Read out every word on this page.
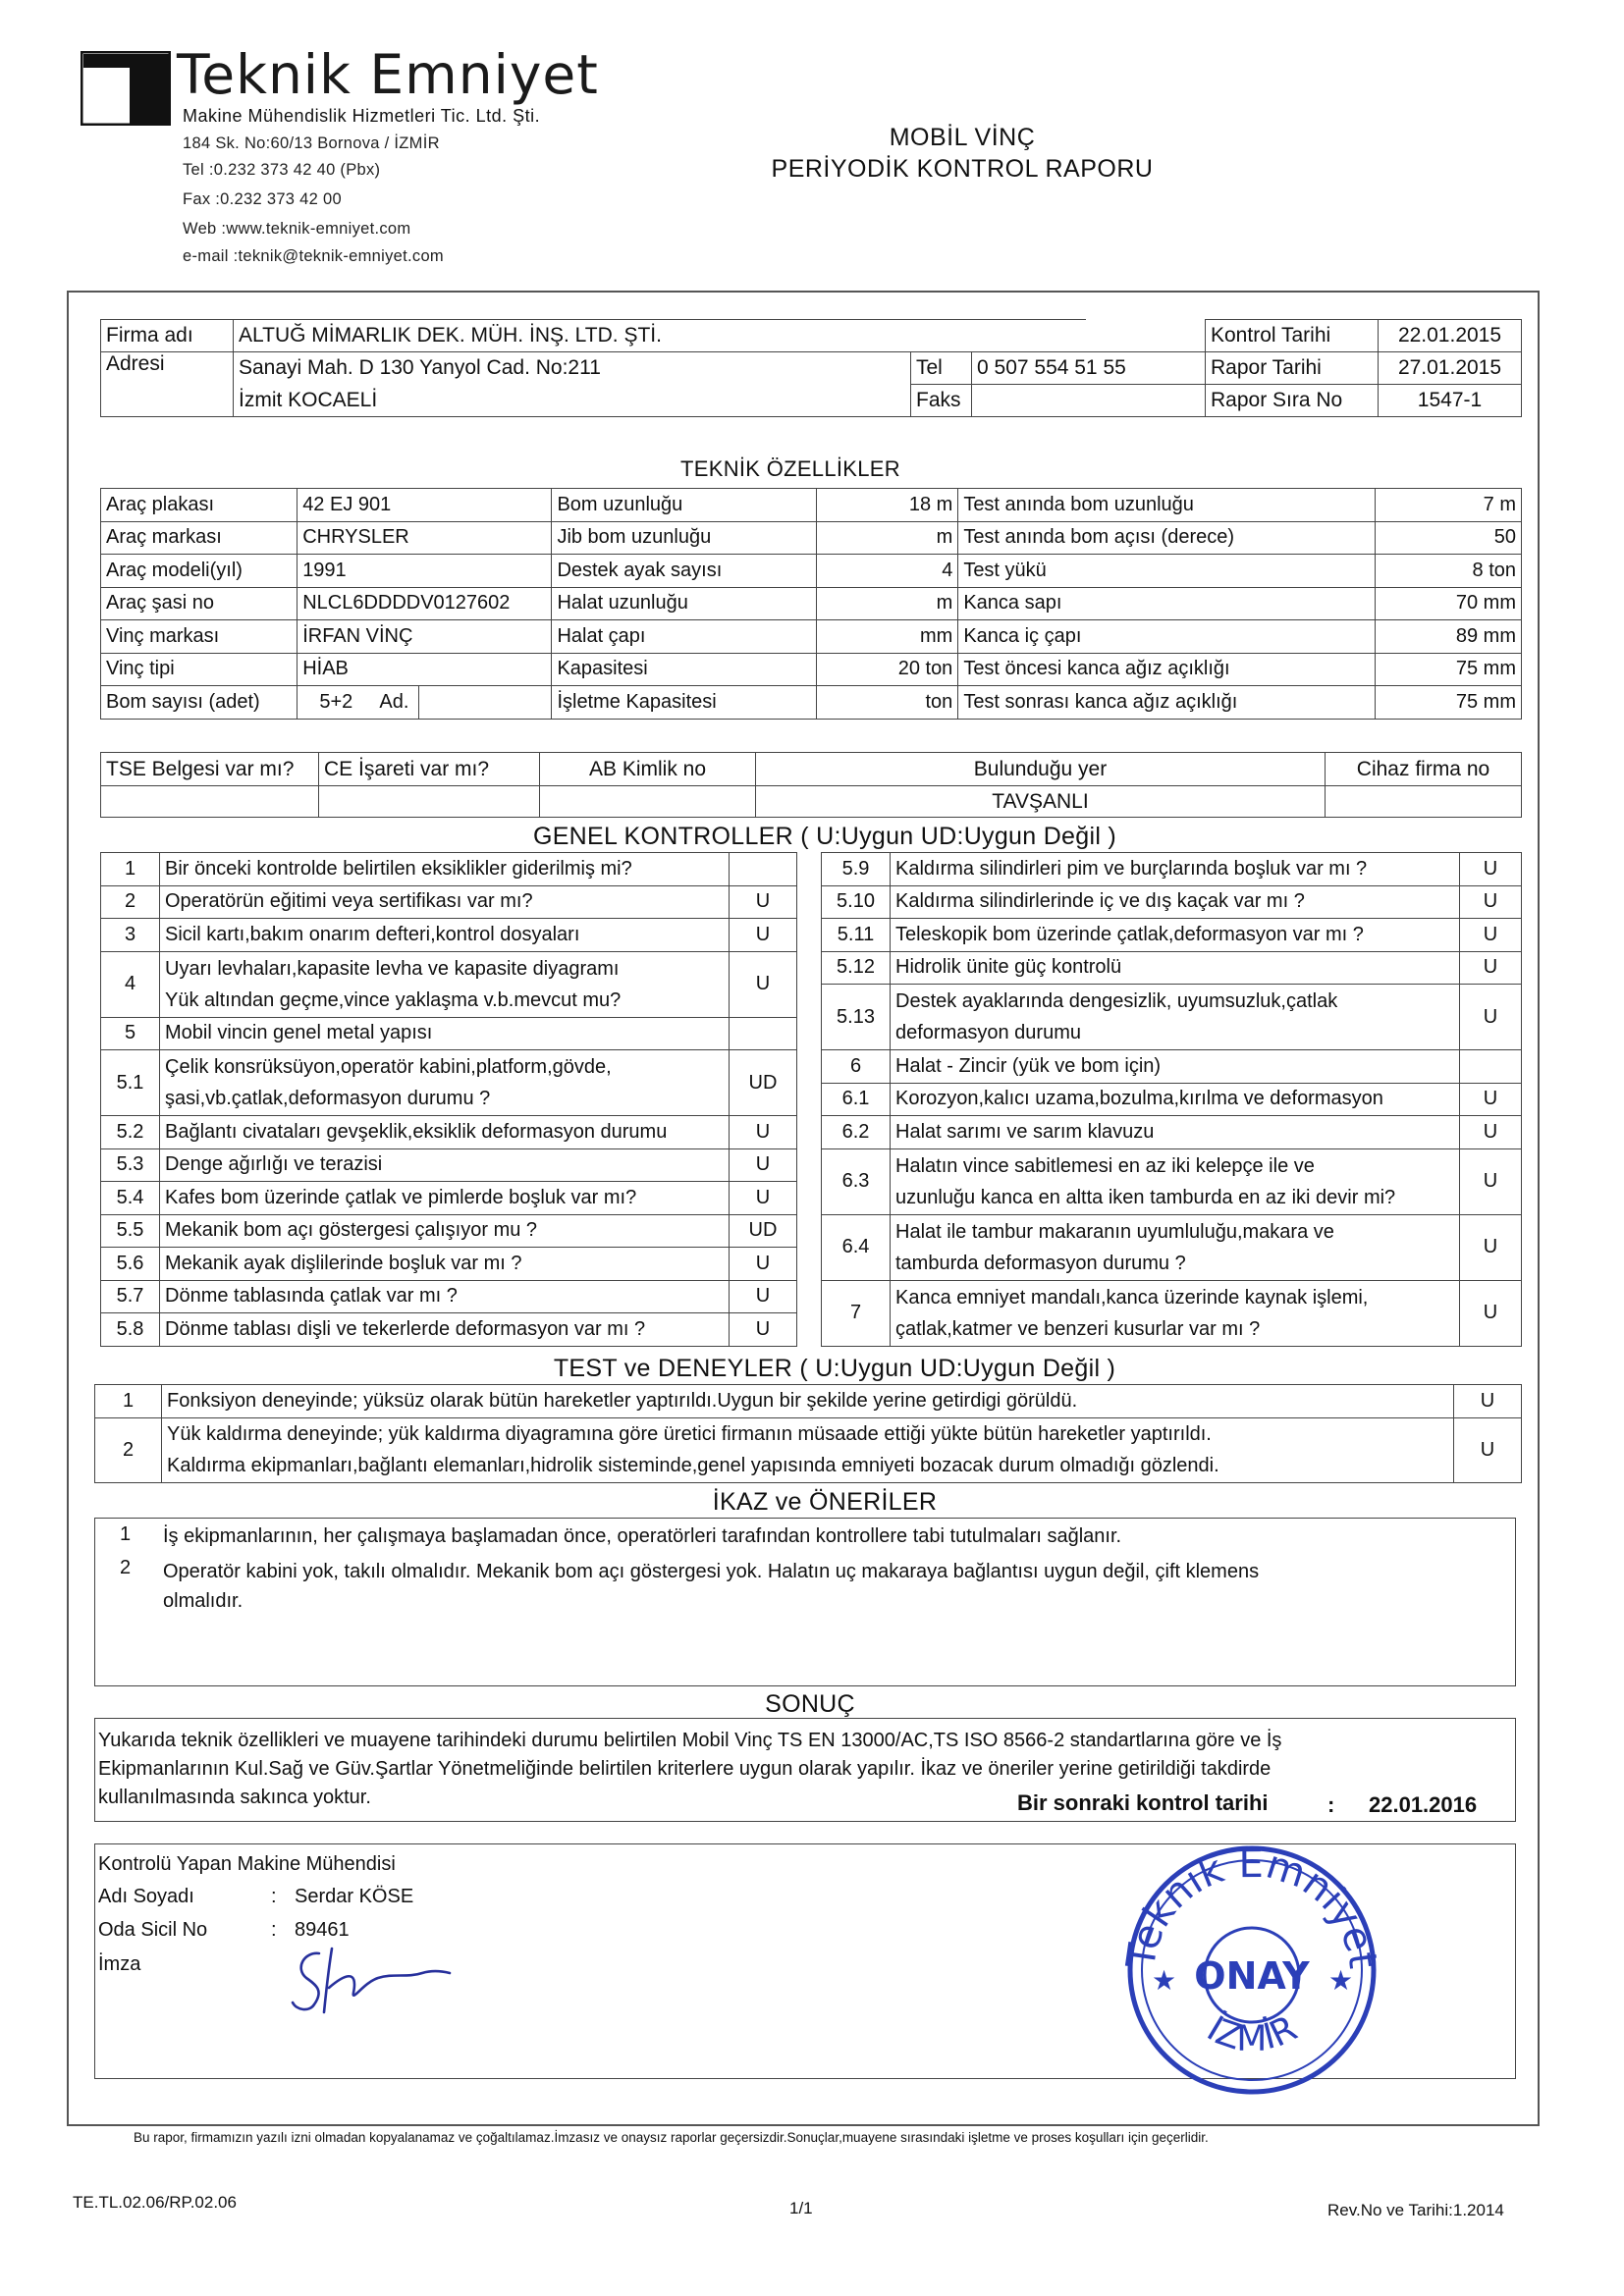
Teknik Emniyet
Makine Mühendislik Hizmetleri Tic. Ltd. Şti.
184 Sk. No:60/13 Bornova / İZMİR
Tel :0.232 373 42 40 (Pbx)
Fax :0.232 373 42 00
Web :www.teknik-emniyet.com
e-mail :teknik@teknik-emniyet.com
MOBİL VİNÇ
PERİYODİK KONTROL RAPORU
Firma adı	ALTUĞ MİMARLIK DEK. MÜH. İNŞ. LTD. ŞTİ.				Kontrol Tarihi	22.01.2015
Adresi	Sanayi Mah. D 130 Yanyol Cad. No:211	Tel	0 507 554 51 55		Rapor Tarihi	27.01.2015
	İzmit KOCAELİ	Faks			Rapor Sıra No	1547-1
TEKNİK ÖZELLİKLER
Araç plakası	42 EJ 901			Bom uzunluğu	18 m	Test anında bom uzunluğu	7 m
Araç markası	CHRYSLER			Jib bom uzunluğu	m	Test anında bom açısı (derece)	50
Araç modeli(yıl)	1991			Destek ayak sayısı	4	Test yükü	8 ton
Araç şasi no	NLCL6DDDDV0127602			Halat uzunluğu	m	Kanca sapı	70 mm
Vinç markası	İRFAN VİNÇ			Halat çapı	mm	Kanca iç çapı	89 mm
Vinç tipi	HİAB			Kapasitesi	20 ton	Test öncesi kanca ağız açıklığı	75 mm
Bom sayısı (adet)	5+2	Ad.		İşletme Kapasitesi	ton	Test sonrası kanca ağız açıklığı	75 mm
TSE Belgesi var mı?	CE İşareti var mı?	AB Kimlik no	Bulunduğu yer	Cihaz firma no
			TAVŞANLI	
GENEL KONTROLLER ( U:Uygun UD:Uygun Değil )
1	Bir önceki kontrolde belirtilen eksiklikler giderilmiş mi?	

2	Operatörün eğitimi veya sertifikası var mı?	U
3	Sicil kartı,bakım onarım defteri,kontrol dosyaları	U
4	Uyarı levhaları,kapasite levha ve kapasite diyagramı
Yük altından geçme,vince yaklaşma v.b.mevcut mu?	U
5	Mobil vincin genel metal yapısı	

5.1	Çelik konsrüksüyon,operatör kabini,platform,gövde,
şasi,vb.çatlak,deformasyon durumu ?	UD
5.2	Bağlantı civataları gevşeklik,eksiklik deformasyon durumu	U
5.3	Denge ağırlığı ve terazisi	U
5.4	Kafes bom üzerinde çatlak ve pimlerde boşluk var mı?	U
5.5	Mekanik bom açı göstergesi çalışıyor mu ?	UD
5.6	Mekanik ayak dişlilerinde boşluk var mı ?	U
5.7	Dönme tablasında çatlak var mı ?	U
5.8	Dönme tablası dişli ve tekerlerde deformasyon var mı ?	U
5.9	Kaldırma silindirleri pim ve burçlarında boşluk var mı ?	U
5.10	Kaldırma silindirlerinde iç ve dış kaçak var mı ?	U
5.11	Teleskopik bom üzerinde çatlak,deformasyon var mı ?	U
5.12	Hidrolik ünite güç kontrolü	U
5.13	Destek ayaklarında dengesizlik, uyumsuzluk,çatlak
deformasyon durumu	U
6	Halat - Zincir (yük ve bom için)	

6.1	Korozyon,kalıcı uzama,bozulma,kırılma ve deformasyon	U
6.2	Halat sarımı ve sarım klavuzu	U
6.3	Halatın vince sabitlemesi en az iki kelepçe ile ve
uzunluğu kanca en altta iken tamburda en az iki devir mi?	U
6.4	Halat ile tambur makaranın uyumluluğu,makara ve
tamburda deformasyon durumu ?	U
7	Kanca emniyet mandalı,kanca üzerinde kaynak işlemi,
çatlak,katmer ve benzeri kusurlar var mı ?	U
TEST ve DENEYLER ( U:Uygun UD:Uygun Değil )
1	Fonksiyon deneyinde; yüksüz olarak bütün hareketler yaptırıldı.Uygun bir şekilde yerine getirdigi görüldü.	U
2	Yük kaldırma deneyinde; yük kaldırma diyagramına göre üretici firmanın müsaade ettiği yükte bütün hareketler yaptırıldı.
Kaldırma ekipmanları,bağlantı elemanları,hidrolik sisteminde,genel yapısında emniyeti bozacak durum olmadığı gözlendi.	U
İKAZ ve ÖNERİLER
1 İş ekipmanlarının, her çalışmaya başlamadan önce, operatörleri tarafından kontrollere tabi tutulmaları sağlanır.
2 Operatör kabini yok, takılı olmalıdır. Mekanik bom açı göstergesi yok. Halatın uç makaraya bağlantısı uygun değil, çift klemens
olmalıdır.
SONUÇ
Yukarıda teknik özellikleri ve muayene tarihindeki durumu belirtilen Mobil Vinç TS EN 13000/AC,TS ISO 8566-2 standartlarına göre ve İş
Ekipmanlarının Kul.Sağ ve Güv.Şartlar Yönetmeliğinde belirtilen kriterlere uygun olarak yapılır. İkaz ve öneriler yerine getirildiği takdirde
kullanılmasında sakınca yoktur.	Bir sonraki kontrol tarihi	: 22.01.2016
Kontrolü Yapan Makine Mühendisi
Adı Soyadı	: Serdar KÖSE
Oda Sicil No	: 89461
İmza	Teknik Emniyet
ONAY
İZMİR
★	★
Bu rapor, firmamızın yazılı izni olmadan kopyalanamaz ve çoğaltılamaz.İmzasız ve onaysız raporlar geçersizdir.Sonuçlar,muayene sırasındaki işletme ve proses koşulları için geçerlidir.
TE.TL.02.06/RP.02.06	1/1	Rev.No ve Tarihi:1.2014
